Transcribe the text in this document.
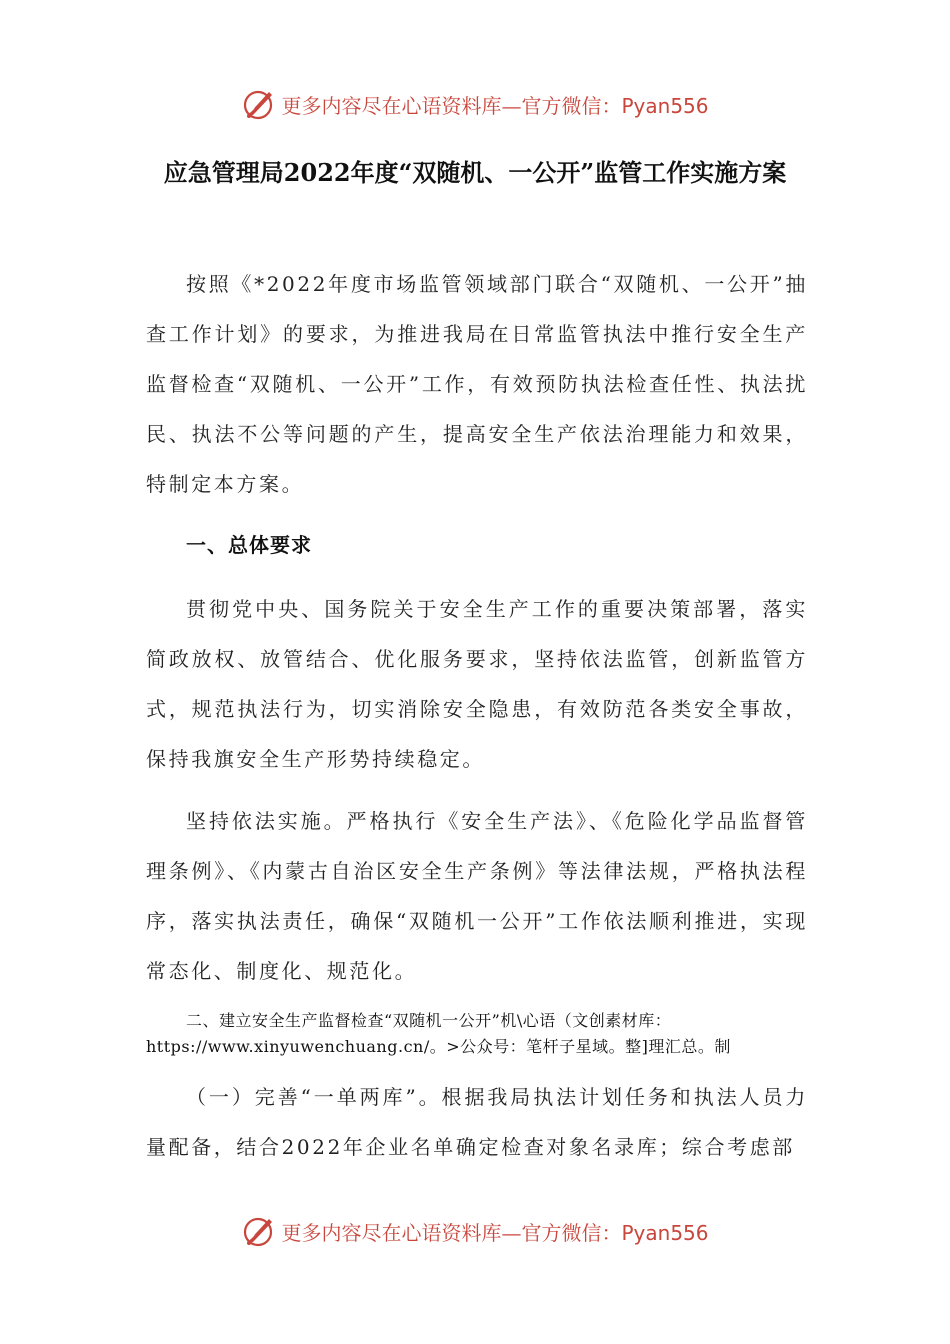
更多内容尽在心语资料库—官方微信：Pyan556
应急管理局2022年度“双随机、一公开”监管工作实施方案

按照《*2022年度市场监管领域部门联合“双随机、一公开”抽查工作计划》的要求，为推进我局在日常监管执法中推行安全生产监督检查“双随机、一公开”工作，有效预防执法检查任性、执法扰民、执法不公等问题的产生，提高安全生产依法治理能力和效果，特制定本方案。

一、总体要求

贯彻党中央、国务院关于安全生产工作的重要决策部署，落实简政放权、放管结合、优化服务要求，坚持依法监管，创新监管方式，规范执法行为，切实消除安全隐患，有效防范各类安全事故，保持我旗安全生产形势持续稳定。

坚持依法实施。严格执行《安全生产法》、《危险化学品监督管理条例》、《内蒙古自治区安全生产条例》等法律法规，严格执法程序，落实执法责任，确保“双随机一公开”工作依法顺利推进，实现常态化、制度化、规范化。

二、建立安全生产监督检查“双随机一公开”机\心语（文创素材库：https://www.xinyuwenchuang.cn/。>公众号：笔杆子星域。整]理汇总。制

（一）完善“一单两库”。根据我局执法计划任务和执法人员力量配备，结合2022年企业名单确定检查对象名录库；综合考虑部

更多内容尽在心语资料库—官方微信：Pyan556
